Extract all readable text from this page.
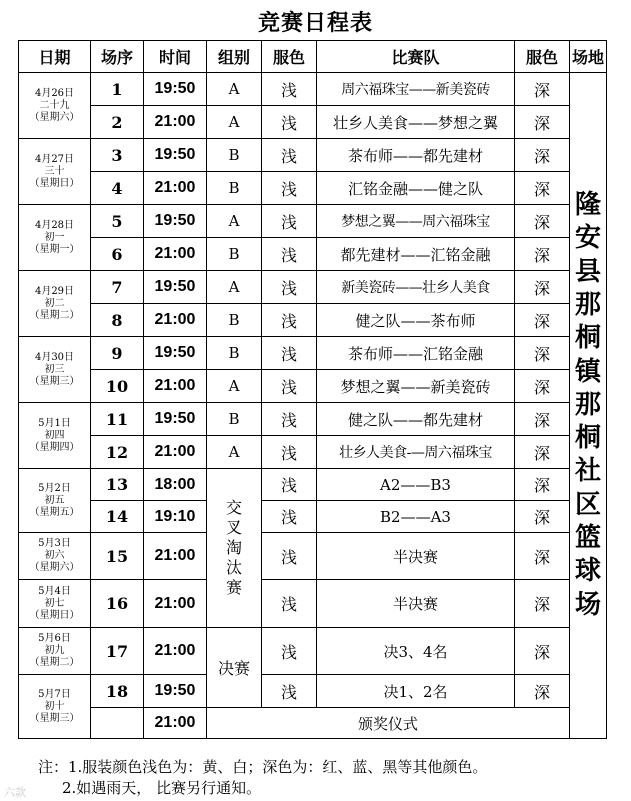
竞赛日程表
日期	场序	时间	组别	服色	比赛队	服色	场地

4月26日
二十九
（星期六）	1	19:50	A	浅	周六福珠宝——新美瓷砖	深	隆安县那桐镇那桐社区篮球场
	2	21:00	A	浅	壮乡人美食——梦想之翼	深	

4月27日
三十
（星期日）	3	19:50	B	浅	茶布师——都先建材	深	
	4	21:00	B	浅	汇铭金融——健之队	深	

4月28日
初一
（星期一）	5	19:50	A	浅	梦想之翼——周六福珠宝	深	
	6	21:00	B	浅	都先建材——汇铭金融	深	

4月29日
初二
（星期二）	7	19:50	A	浅	新美瓷砖——壮乡人美食	深	
	8	21:00	B	浅	健之队——茶布师	深	

4月30日
初三
（星期三）	9	19:50	B	浅	茶布师——汇铭金融	深	
	10	21:00	A	浅	梦想之翼——新美瓷砖	深	

5月1日
初四
（星期四）	11	19:50	B	浅	健之队——都先建材	深	
	12	21:00	A	浅	壮乡人美食-—周六福珠宝	深	

5月2日
初五
（星期五）	13	18:00	交叉淘汰赛	浅	A2——B3	深	
	14	19:10		浅	B2——A3	深	

5月3日
初六
（星期六）	15	21:00		浅	半决赛	深	

5月4日
初七
（星期日）	16	21:00		浅	半决赛	深	

5月6日
初九
（星期二）	17	21:00	决赛	浅	决3、4名	深	

5月7日
初十
（星期三）	18	19:50		浅	决1、2名	深	
		21:00	颁奖仪式				
注：1.服装颜色浅色为：黄、白；深色为：红、蓝、黑等其他颜色。
2.如遇雨天， 比赛另行通知。
六款
